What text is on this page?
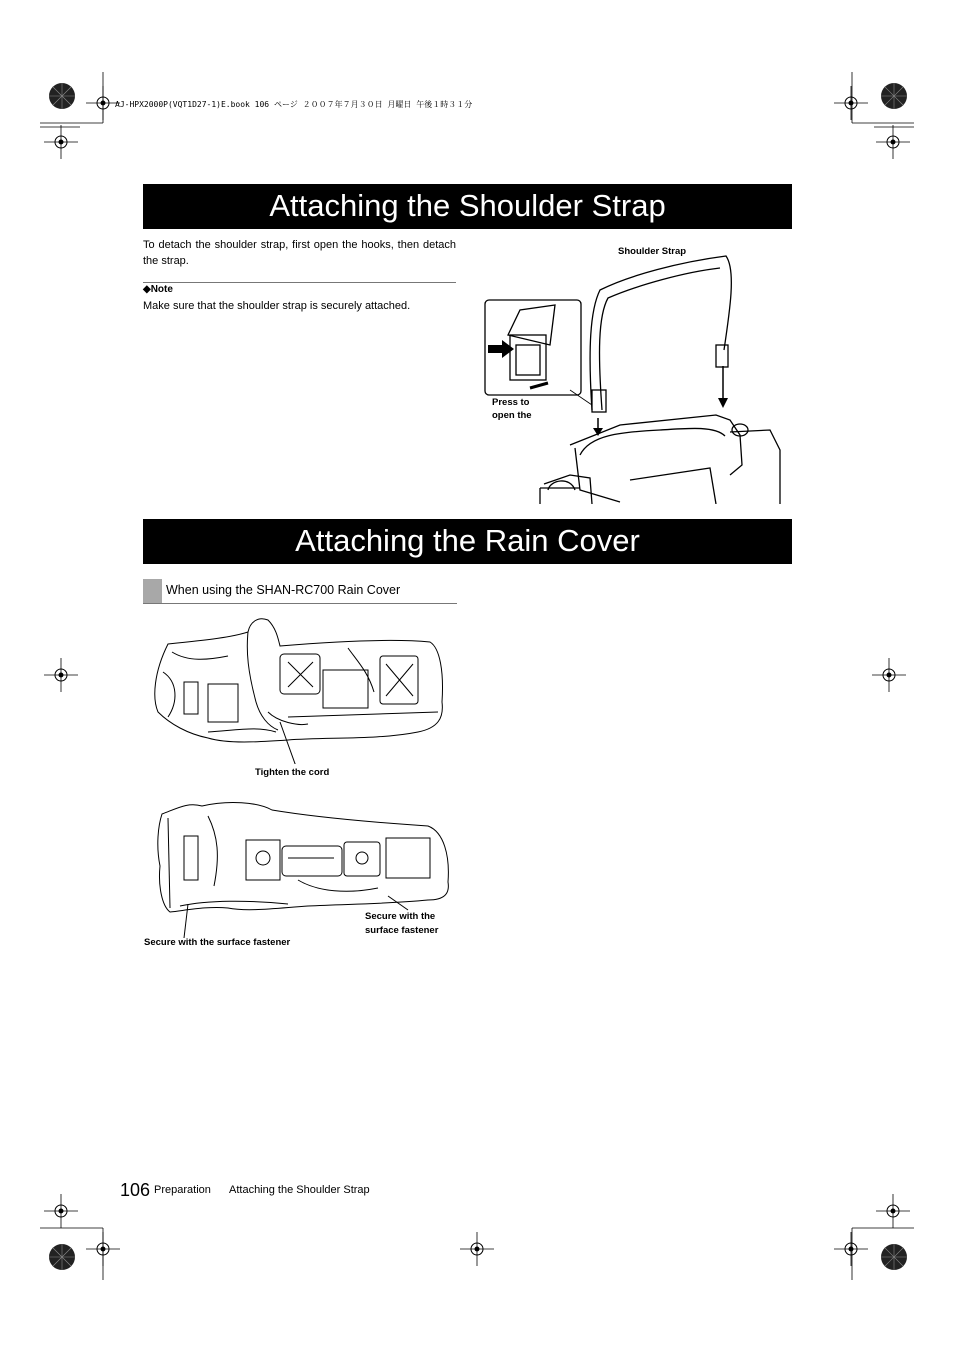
AJ-HPX2000P(VQT1D27-1)E.book 106 ページ ２００７年７月３０日 月曜日 午後１時３１分
Attaching the Shoulder Strap
To detach the shoulder strap, first open the hooks, then detach the strap.
◆Note
Make sure that the shoulder strap is securely attached.
Shoulder Strap
Press to
open the
Attaching the Rain Cover
When using the SHAN-RC700 Rain Cover
Tighten the cord
Secure with the
surface fastener
Secure with the surface fastener
106 Preparation Attaching the Shoulder Strap
